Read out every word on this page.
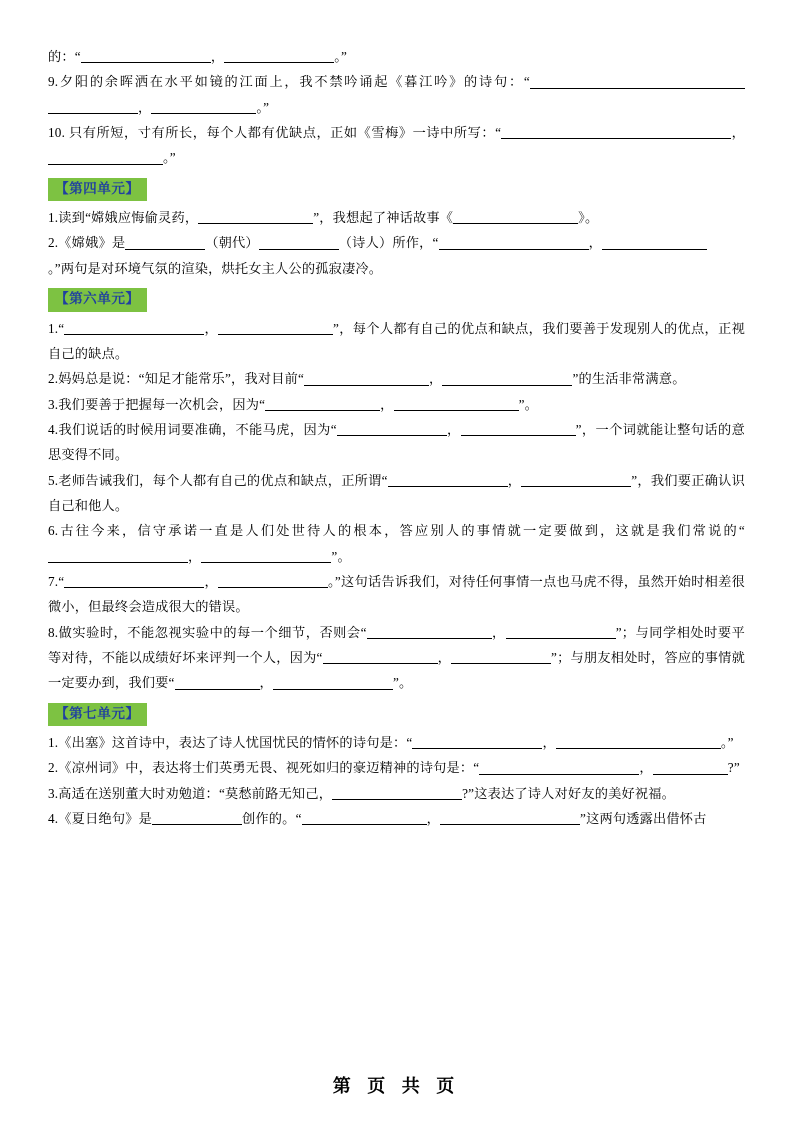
的：“	，	。”

9.夕阳的余晖洒在水平如镜的江面上，我不禁吟诵起《暮江吟》的诗句：“，	。”

10. 只有所短，寸有所长，每个人都有优缺点，正如《雪梅》一诗中所写：“	，。”

【第四单元】

1.读到“嫦娥应悔偷灵药，	”，我想起了神话故事《	》。

2.《嫦娥》是	（朝代）	（诗人）所作，“	，
。”两句是对环境气氛的渲染，烘托女主人公的孤寂凄冷。

【第六单元】

1.“	，	”，每个人都有自己的优点和缺点，我们要善于发现别人的优点，正视自己的缺点。

2.妈妈总是说：“知足才能常乐”，我对目前“	，	”的生活非常满意。

3.我们要善于把握每一次机会，因为“	，	”。

4.我们说话的时候用词要准确，不能马虎，因为“	，	”，一个词就能让整句话的意思变得不同。

5.老师告诫我们，每个人都有自己的优点和缺点，正所谓“	，	”，我们要正确认识自己和他人。

6.古往今来，信守承诺一直是人们处世待人的根本，答应别人的事情就一定要做到，这就是我们常说的“，	”。

7.“	，	。”这句话告诉我们，对待任何事情一点也马虎不得，虽然开始时相差很微小，但最终会造成很大的错误。

8.做实验时，不能忽视实验中的每一个细节，否则会“	，	”；与同学相处时要平等对待，不能以成绩好坏来评判一个人，因为“	，	”；与朋友相处时，答应的事情就一定要办到，我们要“	，	”。

【第七单元】

1.《出塞》这首诗中，表达了诗人忧国忧民的情怀的诗句是：“	，	。”

2.《凉州词》中，表达将士们英勇无畏、视死如归的豪迈精神的诗句是：“	，	?”

3.高适在送别董大时劝勉道：“莫愁前路无知己，	?”这表达了诗人对好友的美好祝福。

4.《夏日绝句》是	创作的。“	，	”这两句透露出借怀古

第 页 共 页
